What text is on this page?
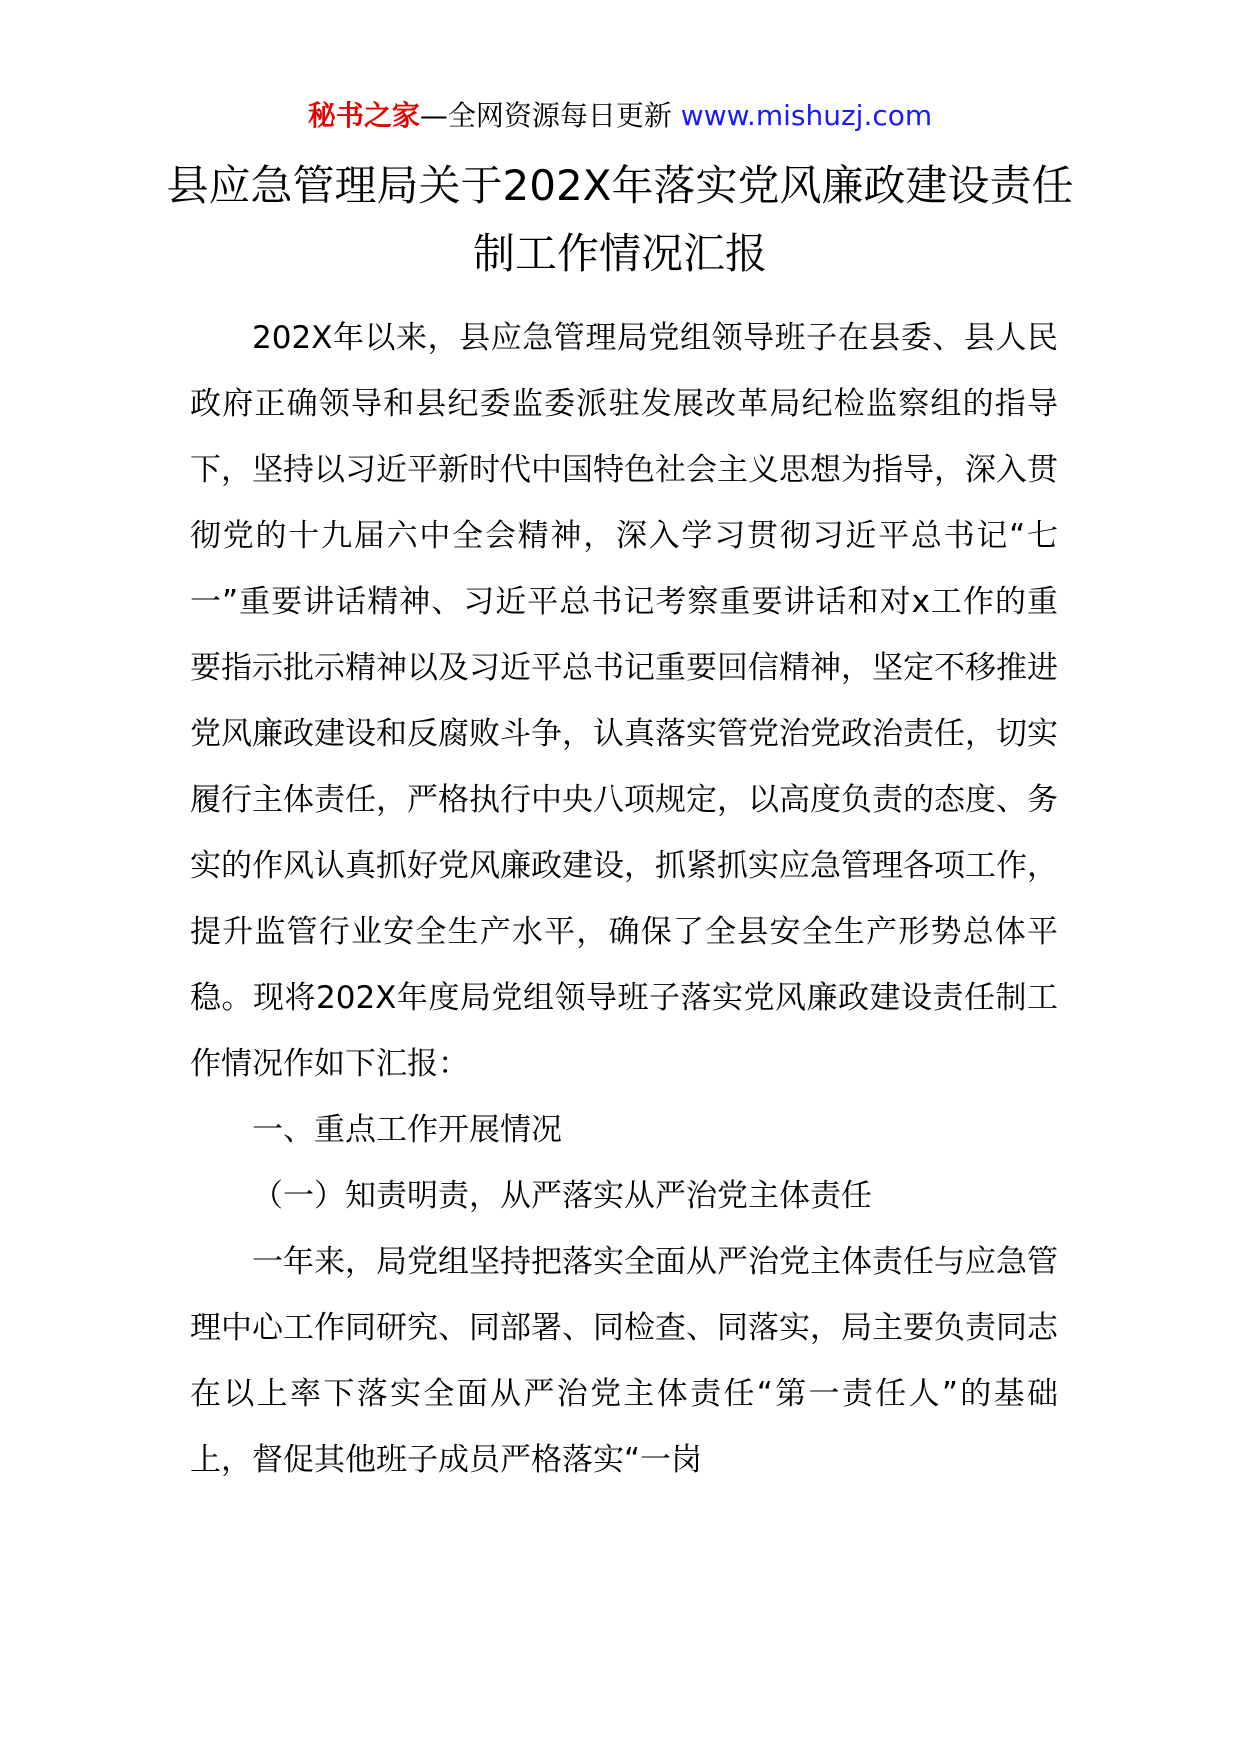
秘书之家—全网资源每日更新 www.mishuzj.com
县应急管理局关于202X年落实党风廉政建设责任制工作情况汇报

202X年以来，县应急管理局党组领导班子在县委、县人民政府正确领导和县纪委监委派驻发展改革局纪检监察组的指导下，坚持以习近平新时代中国特色社会主义思想为指导，深入贯彻党的十九届六中全会精神，深入学习贯彻习近平总书记“七一”重要讲话精神、习近平总书记考察重要讲话和对x工作的重要指示批示精神以及习近平总书记重要回信精神，坚定不移推进党风廉政建设和反腐败斗争，认真落实管党治党政治责任，切实履行主体责任，严格执行中央八项规定，以高度负责的态度、务实的作风认真抓好党风廉政建设，抓紧抓实应急管理各项工作，提升监管行业安全生产水平，确保了全县安全生产形势总体平稳。现将202X年度局党组领导班子落实党风廉政建设责任制工作情况作如下汇报：

一、重点工作开展情况

（一）知责明责，从严落实从严治党主体责任

一年来，局党组坚持把落实全面从严治党主体责任与应急管理中心工作同研究、同部署、同检查、同落实，局主要负责同志在以上率下落实全面从严治党主体责任“第一责任人”的基础上，督促其他班子成员严格落实“一岗
